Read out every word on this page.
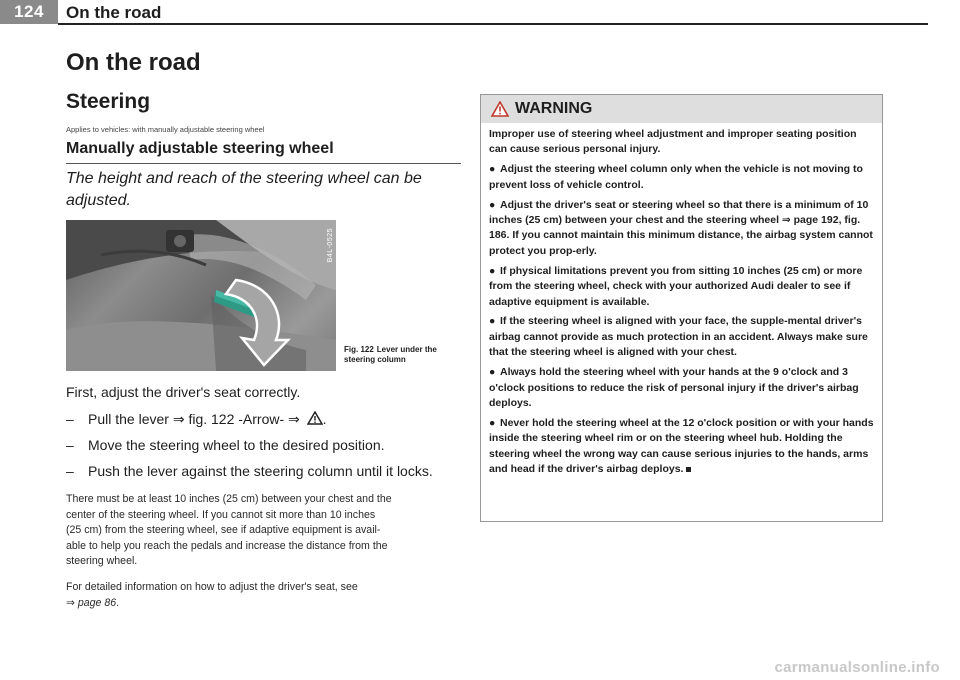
124	On the road
On the road
Steering
Applies to vehicles: with manually adjustable steering wheel
Manually adjustable steering wheel
The height and reach of the steering wheel can be adjusted.
B4L-0525
Fig. 122 Lever under the steering column
First, adjust the driver's seat correctly.
– Pull the lever ⇒ fig. 122 -Arrow- ⇒ .
– Move the steering wheel to the desired position.
– Push the lever against the steering column until it locks.
There must be at least 10 inches (25 cm) between your chest and the
center of the steering wheel. If you cannot sit more than 10 inches
(25 cm) from the steering wheel, see if adaptive equipment is avail-
able to help you reach the pedals and increase the distance from the
steering wheel.
For detailed information on how to adjust the driver's seat, see
⇒ page 86.
WARNING

Improper use of steering wheel adjustment and improper seating position can cause serious personal injury.

● Adjust the steering wheel column only when the vehicle is not moving to prevent loss of vehicle control.

● Adjust the driver's seat or steering wheel so that there is a minimum of 10 inches (25 cm) between your chest and the steering wheel ⇒ page 192, fig. 186. If you cannot maintain this minimum distance, the airbag system cannot protect you prop-erly.

● If physical limitations prevent you from sitting 10 inches (25 cm) or more from the steering wheel, check with your authorized Audi dealer to see if adaptive equipment is available.

● If the steering wheel is aligned with your face, the supple-mental driver's airbag cannot provide as much protection in an accident. Always make sure that the steering wheel is aligned with your chest.

● Always hold the steering wheel with your hands at the 9 o'clock and 3 o'clock positions to reduce the risk of personal injury if the driver's airbag deploys.

● Never hold the steering wheel at the 12 o'clock position or with your hands inside the steering wheel rim or on the steering wheel hub. Holding the steering wheel the wrong way can cause serious injuries to the hands, arms and head if the driver's airbag deploys.

carmanualsonline.info
